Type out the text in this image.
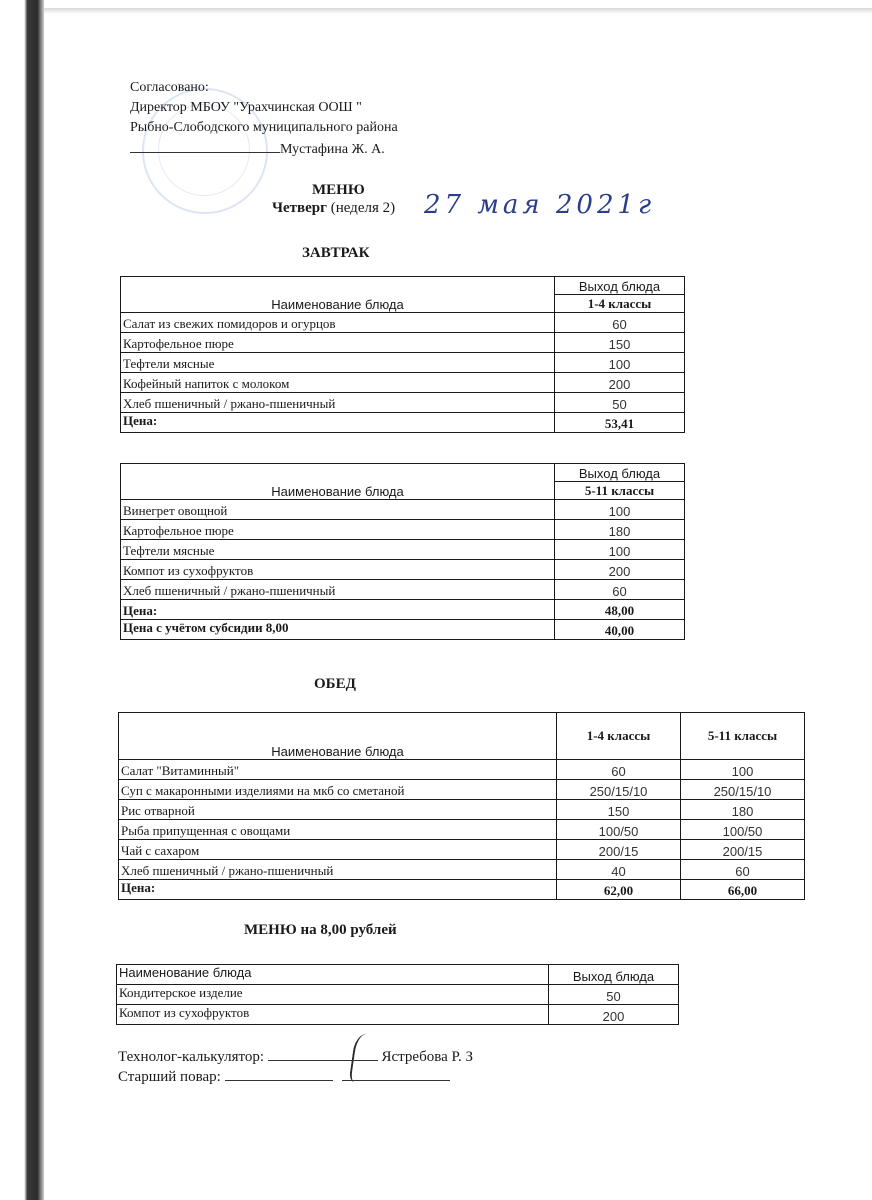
Согласовано:
Директор МБОУ "Урахчинская ООШ "
Рыбно-Слободского муниципального района
Мустафина Ж. А.
МЕНЮ
Четверг (неделя 2) 27 мая 2021г
ЗАВТРАК
Наименование блюда	Выход блюда
	1-4 классы
Салат из свежих помидоров и огурцов	60
Картофельное пюре	150
Тефтели мясные	100
Кофейный напиток с молоком	200
Хлеб пшеничный / ржано-пшеничный	50
Цена:	53,41
Наименование блюда	Выход блюда
	5-11 классы
Винегрет овощной	100
Картофельное пюре	180
Тефтели мясные	100
Компот из сухофруктов	200
Хлеб пшеничный / ржано-пшеничный	60
Цена:	48,00
Цена с учётом субсидии 8,00	40,00
ОБЕД
Наименование блюда	1-4 классы	5-11 классы
Салат "Витаминный"	60	100
Суп с макаронными изделиями на мкб со сметаной	250/15/10	250/15/10
Рис отварной	150	180
Рыба припущенная с овощами	100/50	100/50
Чай с сахаром	200/15	200/15
Хлеб пшеничный / ржано-пшеничный	40	60
Цена:	62,00	66,00
МЕНЮ на 8,00 рублей
Наименование блюда	Выход блюда
Кондитерское изделие	50
Компот из сухофруктов	200
Технолог-калькулятор:	Ястребова Р. З
Старший повар:
